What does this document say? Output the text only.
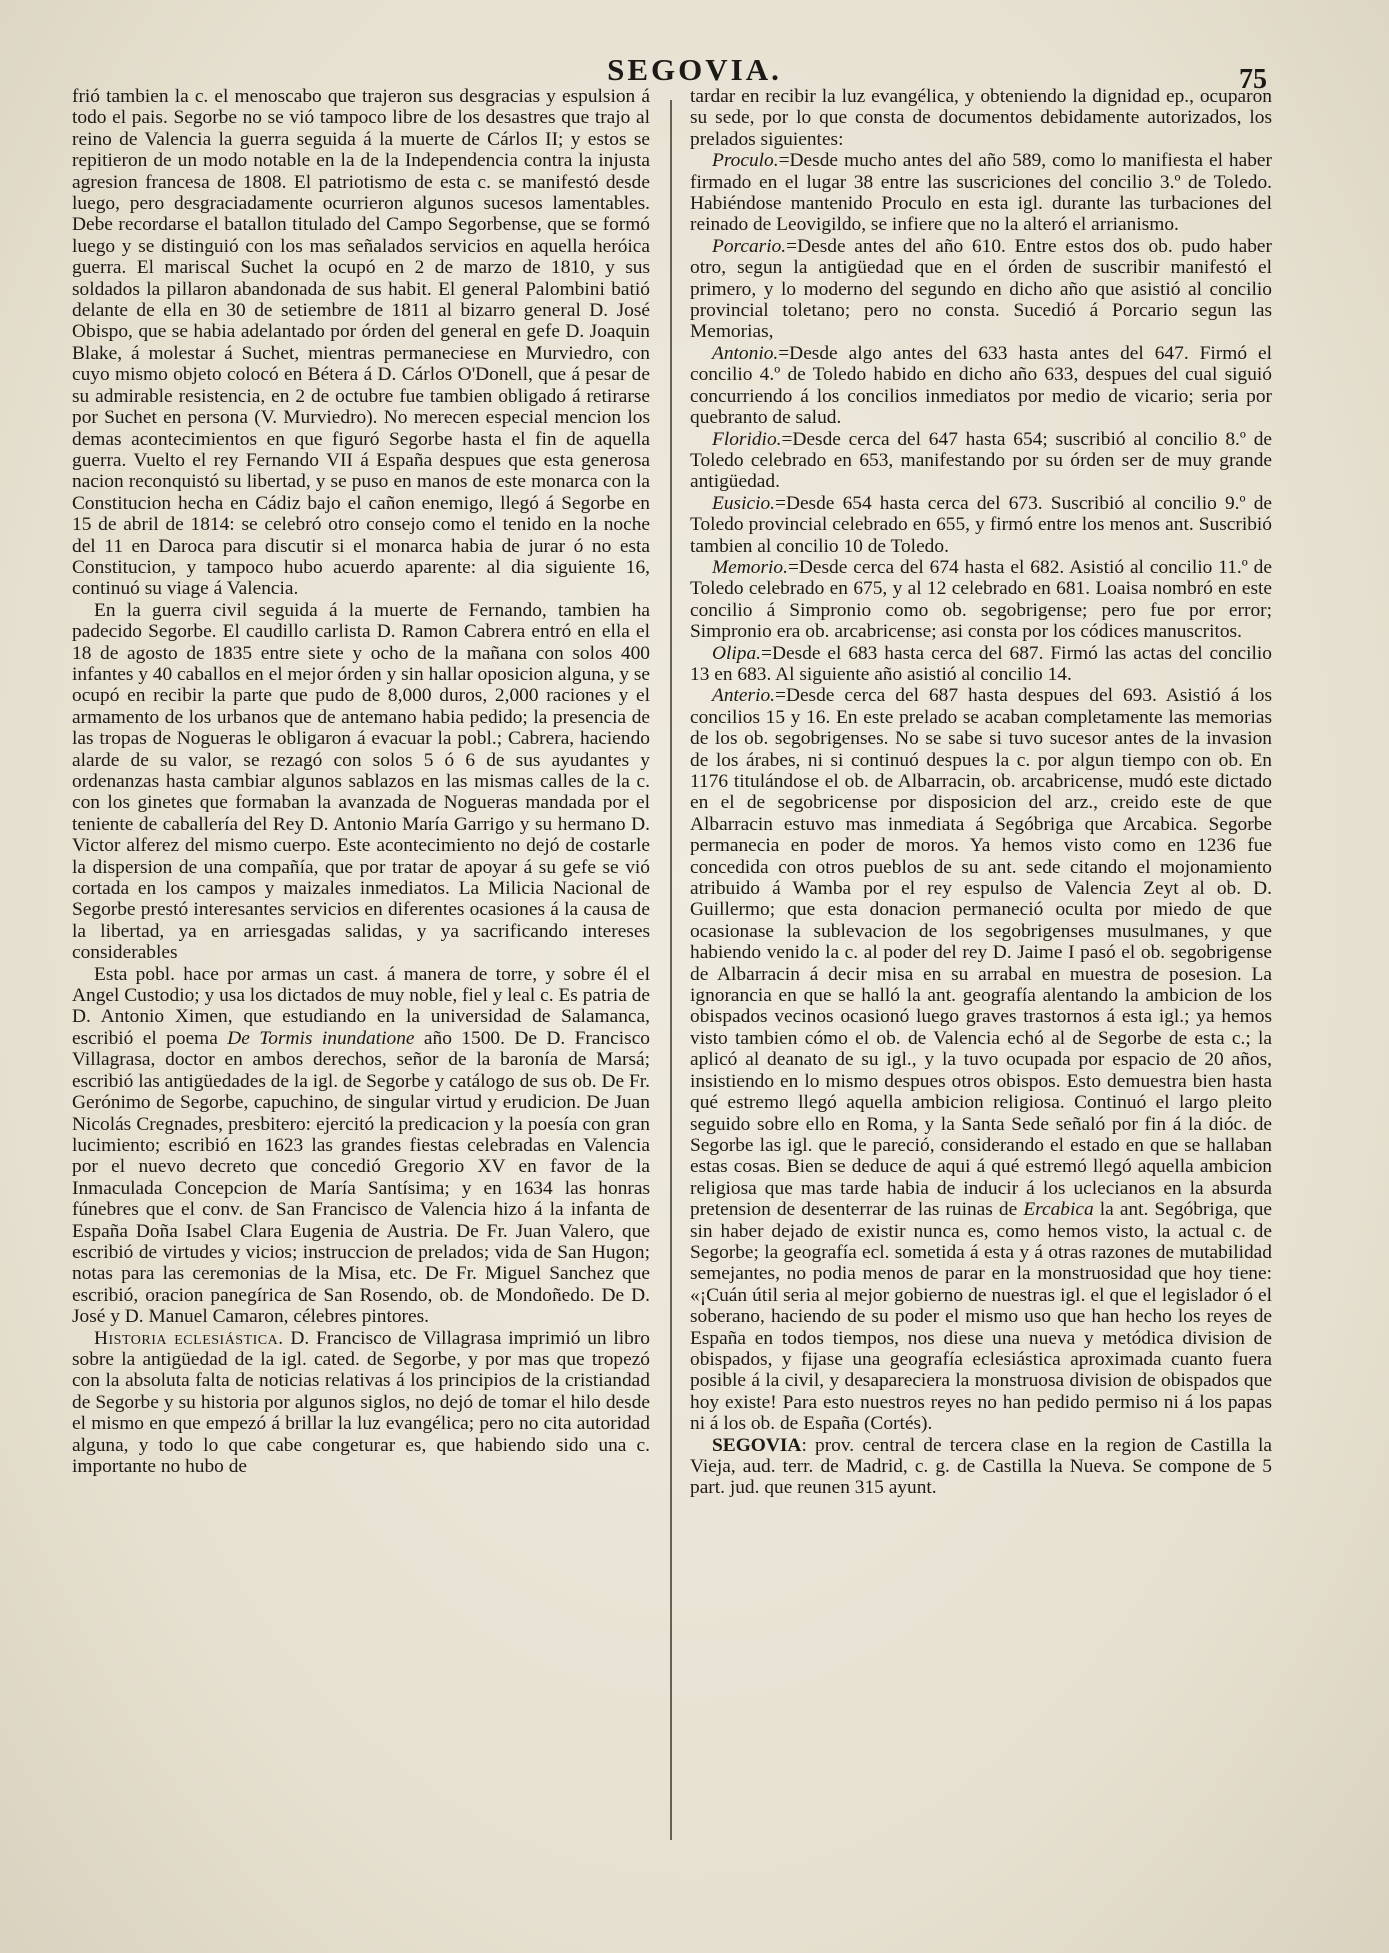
SEGOVIA.	75

frió tambien la c. el menoscabo que trajeron sus desgracias y espulsion á todo el pais. Segorbe no se vió tampoco libre de los desastres que trajo al reino de Valencia la guerra seguida á la muerte de Cárlos II; y estos se repitieron de un modo notable en la de la Independencia contra la injusta agresion francesa de 1808. El patriotismo de esta c. se manifestó desde luego, pero desgraciadamente ocurrieron algunos sucesos lamentables. Debe recordarse el batallon titulado del Campo Segorbense, que se formó luego y se distinguió con los mas señalados servicios en aquella heróica guerra. El mariscal Suchet la ocupó en 2 de marzo de 1810, y sus soldados la pillaron abandonada de sus habit. El general Palombini batió delante de ella en 30 de setiembre de 1811 al bizarro general D. José Obispo, que se habia adelantado por órden del general en gefe D. Joaquin Blake, á molestar á Suchet, mientras permaneciese en Murviedro, con cuyo mismo objeto colocó en Bétera á D. Cárlos O'Donell, que á pesar de su admirable resistencia, en 2 de octubre fue tambien obligado á retirarse por Suchet en persona (V. Murviedro). No merecen especial mencion los demas acontecimientos en que figuró Segorbe hasta el fin de aquella guerra. Vuelto el rey Fernando VII á España despues que esta generosa nacion reconquistó su libertad, y se puso en manos de este monarca con la Constitucion hecha en Cádiz bajo el cañon enemigo, llegó á Segorbe en 15 de abril de 1814: se celebró otro consejo como el tenido en la noche del 11 en Daroca para discutir si el monarca habia de jurar ó no esta Constitucion, y tampoco hubo acuerdo aparente: al dia siguiente 16, continuó su viage á Valencia.

En la guerra civil seguida á la muerte de Fernando, tambien ha padecido Segorbe. El caudillo carlista D. Ramon Cabrera entró en ella el 18 de agosto de 1835 entre siete y ocho de la mañana con solos 400 infantes y 40 caballos en el mejor órden y sin hallar oposicion alguna, y se ocupó en recibir la parte que pudo de 8,000 duros, 2,000 raciones y el armamento de los urbanos que de antemano habia pedido; la presencia de las tropas de Nogueras le obligaron á evacuar la pobl.; Cabrera, haciendo alarde de su valor, se rezagó con solos 5 ó 6 de sus ayudantes y ordenanzas hasta cambiar algunos sablazos en las mismas calles de la c. con los ginetes que formaban la avanzada de Nogueras mandada por el teniente de caballería del Rey D. Antonio María Garrigo y su hermano D. Victor alferez del mismo cuerpo. Este acontecimiento no dejó de costarle la dispersion de una compañía, que por tratar de apoyar á su gefe se vió cortada en los campos y maizales inmediatos. La Milicia Nacional de Segorbe prestó interesantes servicios en diferentes ocasiones á la causa de la libertad, ya en arriesgadas salidas, y ya sacrificando intereses considerables

Esta pobl. hace por armas un cast. á manera de torre, y sobre él el Angel Custodio; y usa los dictados de muy noble, fiel y leal c. Es patria de D. Antonio Ximen, que estudiando en la universidad de Salamanca, escribió el poema De Tormis inundatione año 1500. De D. Francisco Villagrasa, doctor en ambos derechos, señor de la baronía de Marsá; escribió las antigüedades de la igl. de Segorbe y catálogo de sus ob. De Fr. Gerónimo de Segorbe, capuchino, de singular virtud y erudicion. De Juan Nicolás Cregnades, presbitero: ejercitó la predicacion y la poesía con gran lucimiento; escribió en 1623 las grandes fiestas celebradas en Valencia por el nuevo decreto que concedió Gregorio XV en favor de la Inmaculada Concepcion de María Santísima; y en 1634 las honras fúnebres que el conv. de San Francisco de Valencia hizo á la infanta de España Doña Isabel Clara Eugenia de Austria. De Fr. Juan Valero, que escribió de virtudes y vicios; instruccion de prelados; vida de San Hugon; notas para las ceremonias de la Misa, etc. De Fr. Miguel Sanchez que escribió, oracion panegírica de San Rosendo, ob. de Mondoñedo. De D. José y D. Manuel Camaron, célebres pintores.

Historia eclesiástica. D. Francisco de Villagrasa imprimió un libro sobre la antigüedad de la igl. cated. de Segorbe, y por mas que tropezó con la absoluta falta de noticias relativas á los principios de la cristiandad de Segorbe y su historia por algunos siglos, no dejó de tomar el hilo desde el mismo en que empezó á brillar la luz evangélica; pero no cita autoridad alguna, y todo lo que cabe congeturar es, que habiendo sido una c. importante no hubo de

tardar en recibir la luz evangélica, y obteniendo la dignidad ep., ocuparon su sede, por lo que consta de documentos debidamente autorizados, los prelados siguientes:

Proculo.=Desde mucho antes del año 589, como lo manifiesta el haber firmado en el lugar 38 entre las suscriciones del concilio 3.º de Toledo. Habiéndose mantenido Proculo en esta igl. durante las turbaciones del reinado de Leovigildo, se infiere que no la alteró el arrianismo.

Porcario.=Desde antes del año 610. Entre estos dos ob. pudo haber otro, segun la antigüedad que en el órden de suscribir manifestó el primero, y lo moderno del segundo en dicho año que asistió al concilio provincial toletano; pero no consta. Sucedió á Porcario segun las Memorias,

Antonio.=Desde algo antes del 633 hasta antes del 647. Firmó el concilio 4.º de Toledo habido en dicho año 633, despues del cual siguió concurriendo á los concilios inmediatos por medio de vicario; seria por quebranto de salud.

Floridio.=Desde cerca del 647 hasta 654; suscribió al concilio 8.º de Toledo celebrado en 653, manifestando por su órden ser de muy grande antigüedad.

Eusicio.=Desde 654 hasta cerca del 673. Suscribió al concilio 9.º de Toledo provincial celebrado en 655, y firmó entre los menos ant. Suscribió tambien al concilio 10 de Toledo.

Memorio.=Desde cerca del 674 hasta el 682. Asistió al concilio 11.º de Toledo celebrado en 675, y al 12 celebrado en 681. Loaisa nombró en este concilio á Simpronio como ob. segobrigense; pero fue por error; Simpronio era ob. arcabricense; asi consta por los códices manuscritos.

Olipa.=Desde el 683 hasta cerca del 687. Firmó las actas del concilio 13 en 683. Al siguiente año asistió al concilio 14.

Anterio.=Desde cerca del 687 hasta despues del 693. Asistió á los concilios 15 y 16. En este prelado se acaban completamente las memorias de los ob. segobrigenses. No se sabe si tuvo sucesor antes de la invasion de los árabes, ni si continuó despues la c. por algun tiempo con ob. En 1176 titulándose el ob. de Albarracin, ob. arcabricense, mudó este dictado en el de segobricense por disposicion del arz., creido este de que Albarracin estuvo mas inmediata á Segóbriga que Arcabica. Segorbe permanecia en poder de moros. Ya hemos visto como en 1236 fue concedida con otros pueblos de su ant. sede citando el mojonamiento atribuido á Wamba por el rey espulso de Valencia Zeyt al ob. D. Guillermo; que esta donacion permaneció oculta por miedo de que ocasionase la sublevacion de los segobrigenses musulmanes, y que habiendo venido la c. al poder del rey D. Jaime I pasó el ob. segobrigense de Albarracin á decir misa en su arrabal en muestra de posesion. La ignorancia en que se halló la ant. geografía alentando la ambicion de los obispados vecinos ocasionó luego graves trastornos á esta igl.; ya hemos visto tambien cómo el ob. de Valencia echó al de Segorbe de esta c.; la aplicó al deanato de su igl., y la tuvo ocupada por espacio de 20 años, insistiendo en lo mismo despues otros obispos. Esto demuestra bien hasta qué estremo llegó aquella ambicion religiosa. Continuó el largo pleito seguido sobre ello en Roma, y la Santa Sede señaló por fin á la dióc. de Segorbe las igl. que le pareció, considerando el estado en que se hallaban estas cosas. Bien se deduce de aqui á qué estremó llegó aquella ambicion religiosa que mas tarde habia de inducir á los uclecianos en la absurda pretension de desenterrar de las ruinas de Ercabica la ant. Segóbriga, que sin haber dejado de existir nunca es, como hemos visto, la actual c. de Segorbe; la geografía ecl. sometida á esta y á otras razones de mutabilidad semejantes, no podia menos de parar en la monstruosidad que hoy tiene: «¡Cuán útil seria al mejor gobierno de nuestras igl. el que el legislador ó el soberano, haciendo de su poder el mismo uso que han hecho los reyes de España en todos tiempos, nos diese una nueva y metódica division de obispados, y fijase una geografía eclesiástica aproximada cuanto fuera posible á la civil, y desapareciera la monstruosa division de obispados que hoy existe! Para esto nuestros reyes no han pedido permiso ni á los papas ni á los ob. de España (Cortés).

SEGOVIA: prov. central de tercera clase en la region de Castilla la Vieja, aud. terr. de Madrid, c. g. de Castilla la Nueva. Se compone de 5 part. jud. que reunen 315 ayunt.
